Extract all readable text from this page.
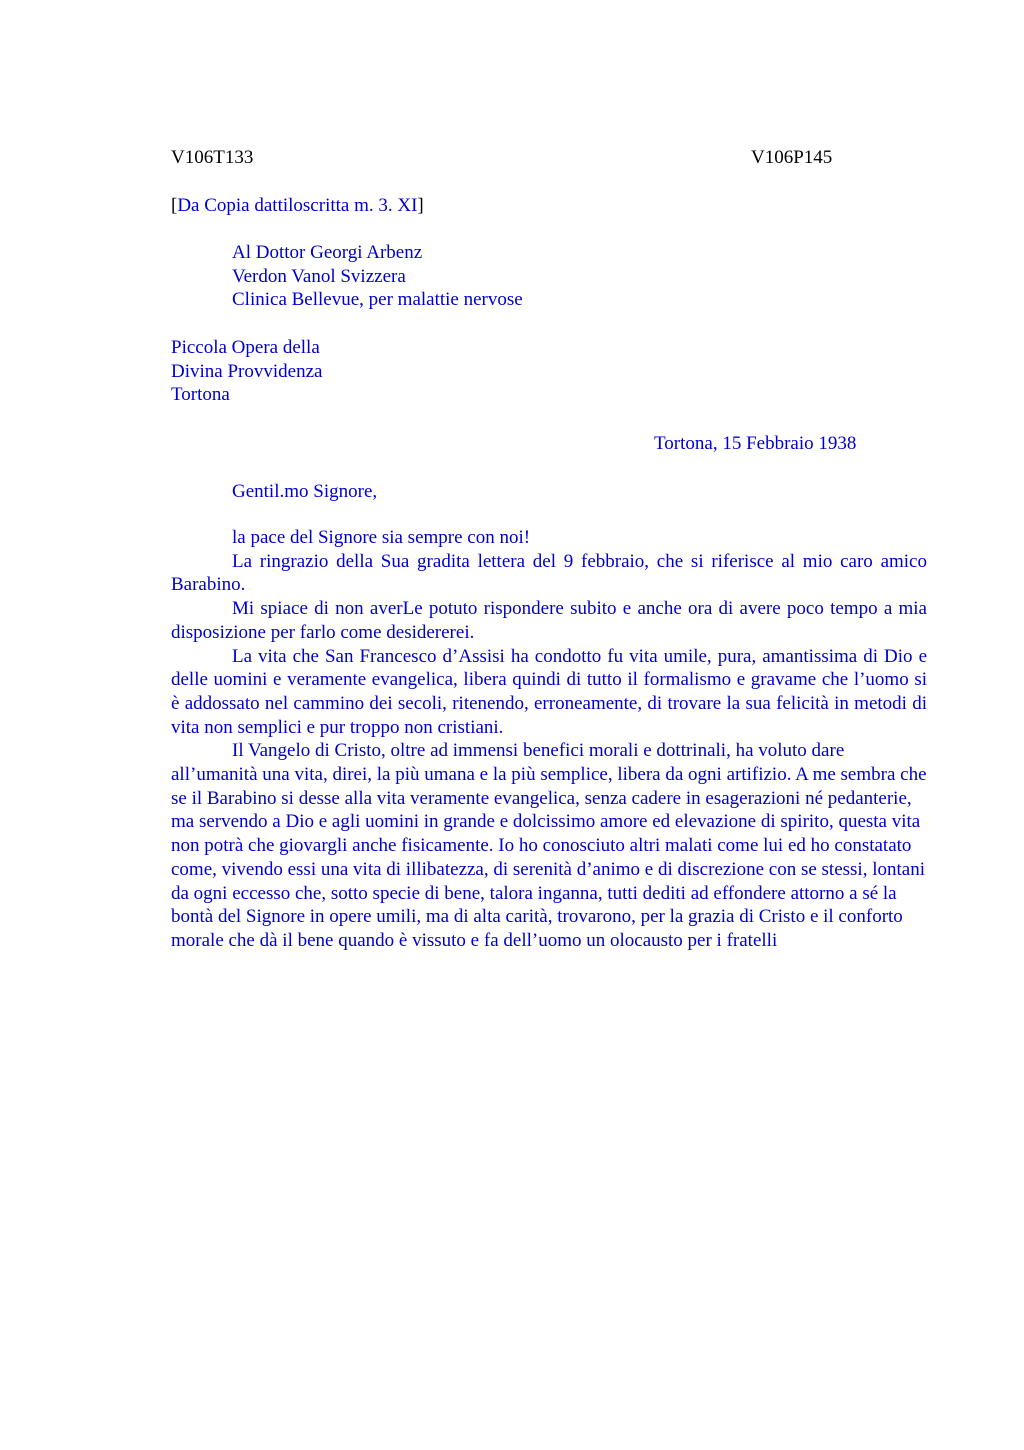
V106T133	V106P145
[Da Copia dattiloscritta m. 3. XI]
Al Dottor Georgi Arbenz
Verdon Vanol Svizzera
Clinica Bellevue, per malattie nervose
Piccola Opera della
Divina Provvidenza
Tortona
Tortona, 15 Febbraio 1938
Gentil.mo Signore,

la pace del Signore sia sempre con noi!

La ringrazio della Sua gradita lettera del 9 febbraio, che si riferisce al mio caro amico Barabino.

Mi spiace di non averLe potuto rispondere subito e anche ora di avere poco tempo a mia disposizione per farlo come desidererei.

La vita che San Francesco d’Assisi ha condotto fu vita umile, pura, amantissima di Dio e delle uomini e veramente evangelica, libera quindi di tutto il formalismo e gravame che l’uomo si è addossato nel cammino dei secoli, ritenendo, erroneamente, di trovare la sua felicità in metodi di vita non semplici e pur troppo non cristiani.

Il Vangelo di Cristo, oltre ad immensi benefici morali e dottrinali, ha voluto dare all’umanità una vita, direi, la più umana e la più semplice, libera da ogni artifizio. A me sembra che se il Barabino si desse alla vita veramente evangelica, senza cadere in esagerazioni né pedanterie, ma servendo a Dio e agli uomini in grande e dolcissimo amore ed elevazione di spirito, questa vita non potrà che giovargli anche fisicamente. Io ho conosciuto altri malati come lui ed ho constatato come, vivendo essi una vita di illibatezza, di serenità d’animo e di discrezione con se stessi, lontani da ogni eccesso che, sotto specie di bene, talora inganna, tutti dediti ad effondere attorno a sé la bontà del Signore in opere umili, ma di alta carità, trovarono, per la grazia di Cristo e il conforto morale che dà il bene quando è vissuto e fa dell’uomo un olocausto per i fratelli
